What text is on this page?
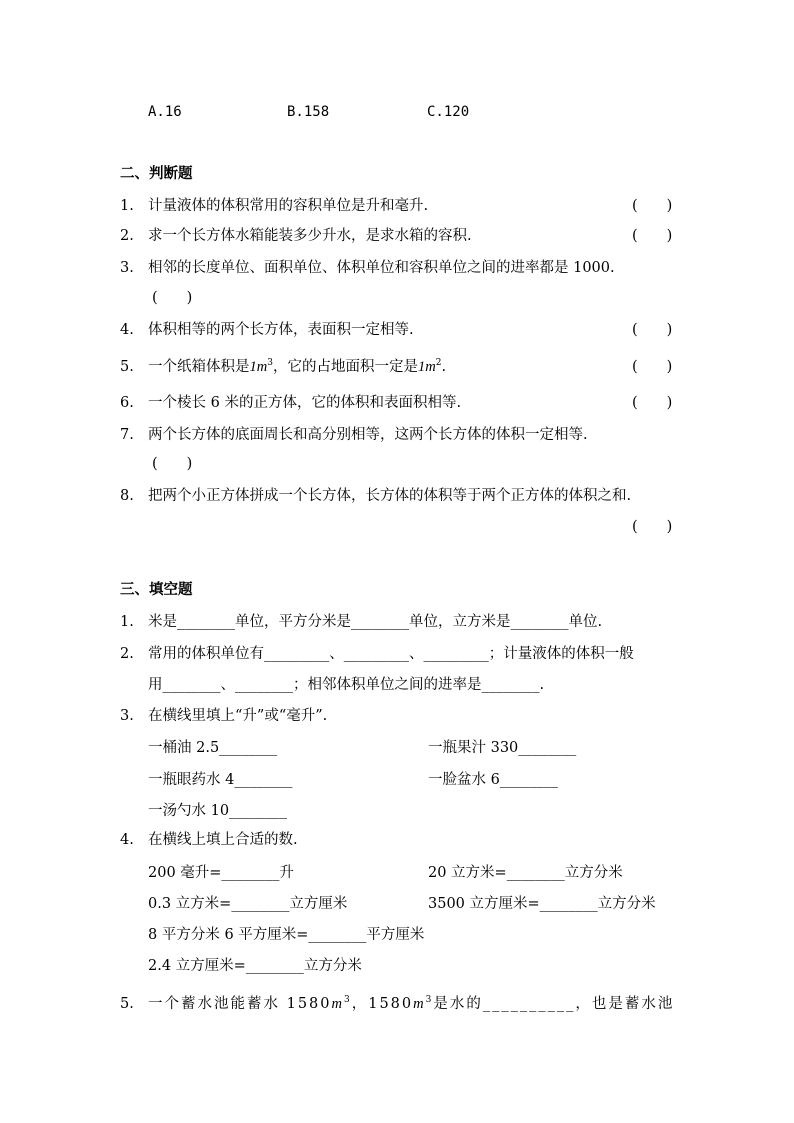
A.16	B.158	C.120
二、判断题
1. 计量液体的体积常用的容积单位是升和毫升.	(　　)
2. 求一个长方体水箱能装多少升水，是求水箱的容积.	(　　)
3. 相邻的长度单位、面积单位、体积单位和容积单位之间的进率都是 1000.
(　　)
4. 体积相等的两个长方体，表面积一定相等.	(　　)
5. 一个纸箱体积是$1m^3$，它的占地面积一定是$1m^2$.	(　　)
6. 一个棱长 6 米的正方体，它的体积和表面积相等.	(　　)
7. 两个长方体的底面周长和高分别相等，这两个长方体的体积一定相等.
(　　)
8. 把两个小正方体拼成一个长方体，长方体的体积等于两个正方体的体积之和.
(　　)
三、填空题
1. 米是________单位，平方分米是________单位，立方米是________单位.
2. 常用的体积单位有_________、_________、_________；计量液体的体积一般
用________、________；相邻体积单位之间的进率是________.
3. 在横线里填上“升”或“毫升”.
一桶油 2.5________	一瓶果汁 330________
一瓶眼药水 4________	一脸盆水 6________
一汤勺水 10________
4. 在横线上填上合适的数.
200 毫升=________升	20 立方米=________立方分米
0.3 立方米=________立方厘米	3500 立方厘米=________立方分米
8 平方分米 6 平方厘米=________平方厘米
2.4 立方厘米=________立方分米
5. 一个蓄水池能蓄水 $1580m^3$，$1580m^3$是水的__________，也是蓄水池
